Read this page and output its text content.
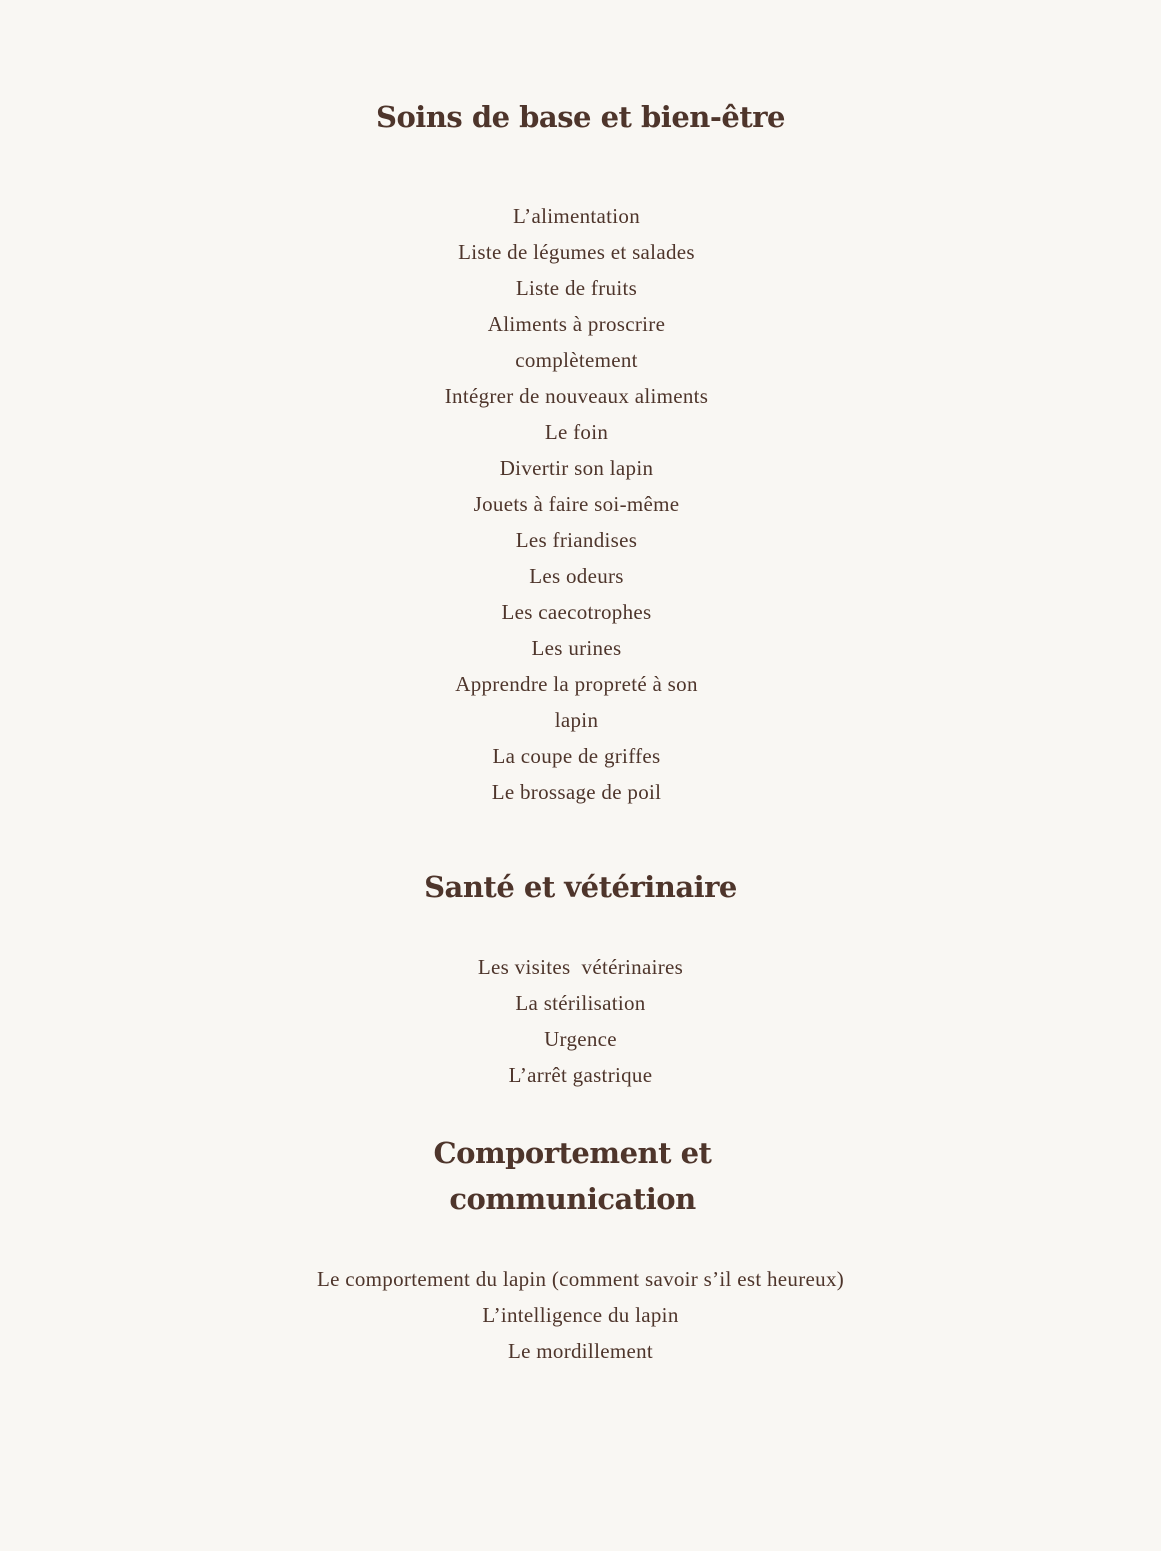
Soins de base et bien-être
L’alimentation
Liste de légumes et salades
Liste de fruits
Aliments à proscrire complètement
Intégrer de nouveaux aliments
Le foin
Divertir son lapin
Jouets à faire soi-même
Les friandises
Les odeurs
Les caecotrophes
Les urines
Apprendre la propreté à son lapin
La coupe de griffes
Le brossage de poil
Santé et vétérinaire
Les visites  vétérinaires
La stérilisation
Urgence
L’arrêt gastrique
Comportement et communication
Le comportement du lapin (comment savoir s’il est heureux)
L’intelligence du lapin
Le mordillement
